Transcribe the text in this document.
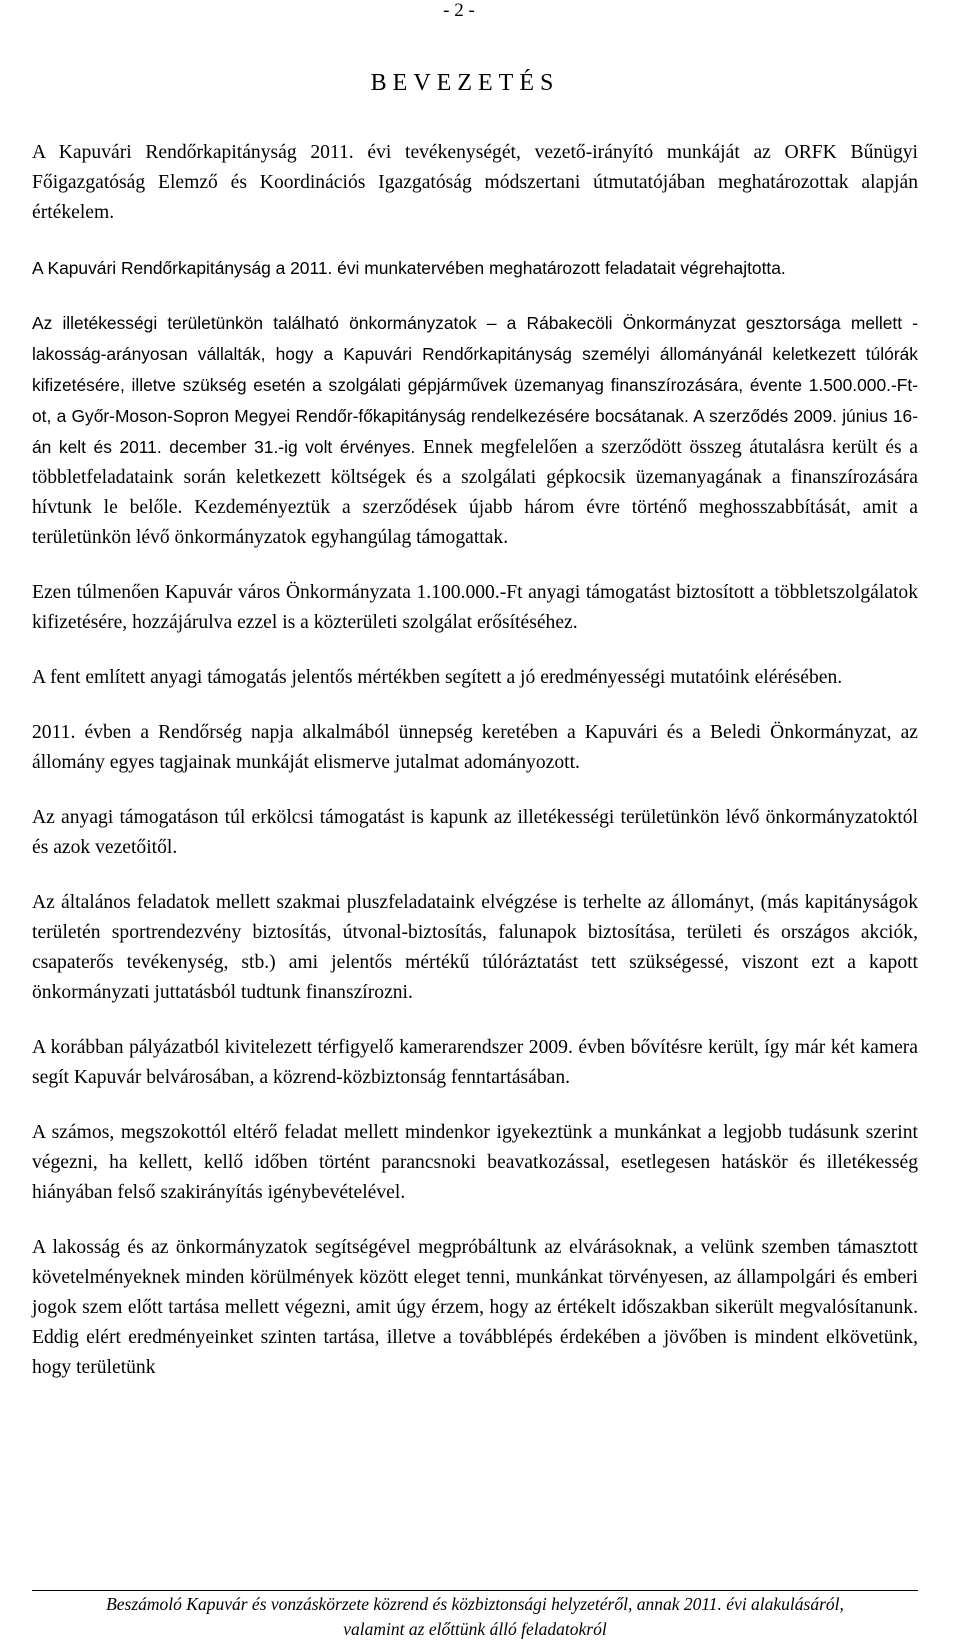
- 2 -
BEVEZETÉS

A Kapuvári Rendőrkapitányság 2011. évi tevékenységét, vezető-irányító munkáját az ORFK Bűnügyi Főigazgatóság Elemző és Koordinációs Igazgatóság módszertani útmutatójában meghatározottak alapján értékelem.

A Kapuvári Rendőrkapitányság a 2011. évi munkatervében meghatározott feladatait végrehajtotta.

Az illetékességi területünkön található önkormányzatok – a Rábakecöli Önkormányzat gesztorsága mellett - lakosság-arányosan vállalták, hogy a Kapuvári Rendőrkapitányság személyi állományánál keletkezett túlórák kifizetésére, illetve szükség esetén a szolgálati gépjárművek üzemanyag finanszírozására, évente 1.500.000.-Ft-ot, a Győr-Moson-Sopron Megyei Rendőr-főkapitányság rendelkezésére bocsátanak. A szerződés 2009. június 16-án kelt és 2011. december 31.-ig volt érvényes. Ennek megfelelően a szerződött összeg átutalásra került és a többletfeladataink során keletkezett költségek és a szolgálati gépkocsik üzemanyagának a finanszírozására hívtunk le belőle. Kezdeményeztük a szerződések újabb három évre történő meghosszabbítását, amit a területünkön lévő önkormányzatok egyhangúlag támogattak.

Ezen túlmenően Kapuvár város Önkormányzata 1.100.000.-Ft anyagi támogatást biztosított a többletszolgálatok kifizetésére, hozzájárulva ezzel is a közterületi szolgálat erősítéséhez.

A fent említett anyagi támogatás jelentős mértékben segített a jó eredményességi mutatóink elérésében.

2011. évben a Rendőrség napja alkalmából ünnepség keretében a Kapuvári és a Beledi Önkormányzat, az állomány egyes tagjainak munkáját elismerve jutalmat adományozott.

Az anyagi támogatáson túl erkölcsi támogatást is kapunk az illetékességi területünkön lévő önkormányzatoktól és azok vezetőitől.

Az általános feladatok mellett szakmai pluszfeladataink elvégzése is terhelte az állományt, (más kapitányságok területén sportrendezvény biztosítás, útvonal-biztosítás, falunapok biztosítása, területi és országos akciók, csapaterős tevékenység, stb.) ami jelentős mértékű túlóráztatást tett szükségessé, viszont ezt a kapott önkormányzati juttatásból tudtunk finanszírozni.

A korábban pályázatból kivitelezett térfigyelő kamerarendszer 2009. évben bővítésre került, így már két kamera segít Kapuvár belvárosában, a közrend-közbiztonság fenntartásában.

A számos, megszokottól eltérő feladat mellett mindenkor igyekeztünk a munkánkat a legjobb tudásunk szerint végezni, ha kellett, kellő időben történt parancsnoki beavatkozással, esetlegesen hatáskör és illetékesség hiányában felső szakirányítás igénybevételével.

A lakosság és az önkormányzatok segítségével megpróbáltunk az elvárásoknak, a velünk szemben támasztott követelményeknek minden körülmények között eleget tenni, munkánkat törvényesen, az állampolgári és emberi jogok szem előtt tartása mellett végezni, amit úgy érzem, hogy az értékelt időszakban sikerült megvalósítanunk. Eddig elért eredményeinket szinten tartása, illetve a továbblépés érdekében a jövőben is mindent elkövetünk, hogy területünk

Beszámoló Kapuvár és vonzáskörzete közrend és közbiztonsági helyzetéről, annak 2011. évi alakulásáról,
valamint az előttünk álló feladatokról
